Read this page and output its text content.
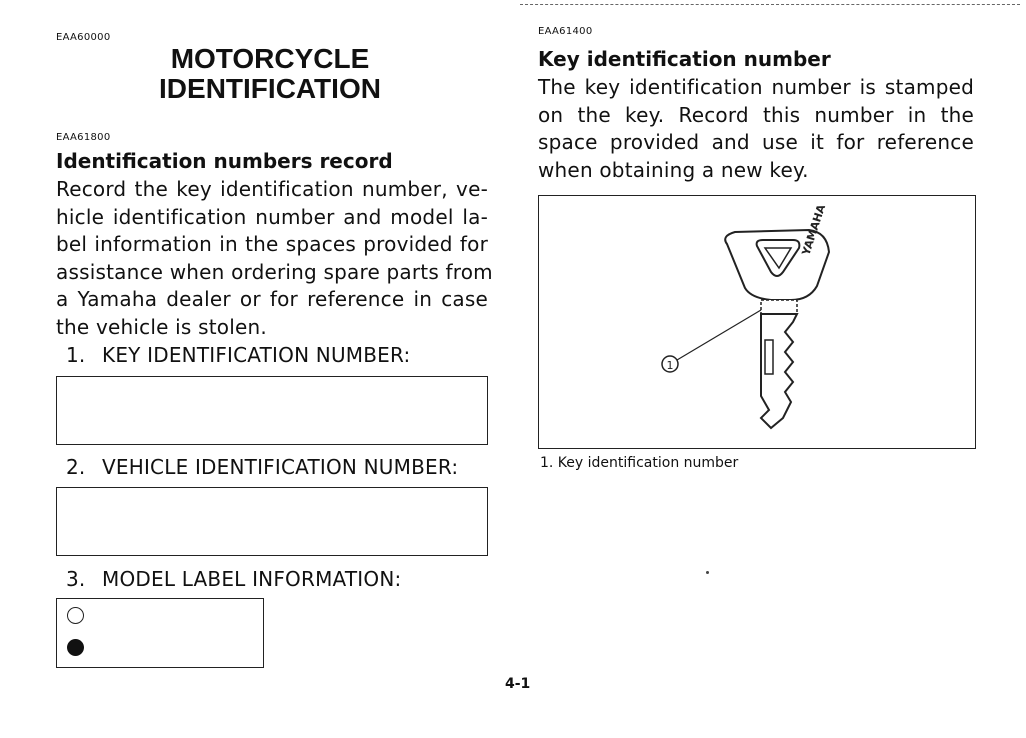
EAA60000
MOTORCYCLE
IDENTIFICATION
EAA61800
Identification numbers record
Record the key identification number, ve-
hicle identification number and model la-
bel information in the spaces provided for
assistance when ordering spare parts from
a Yamaha dealer or for reference in case
the vehicle is stolen.
1. KEY IDENTIFICATION NUMBER:
2. VEHICLE IDENTIFICATION NUMBER:
3. MODEL LABEL INFORMATION:
EAA61400
Key identification number
The key identification number is stamped
on the key. Record this number in the
space provided and use it for reference
when obtaining a new key.
YAMAHA
1
1. Key identification number
4-1
